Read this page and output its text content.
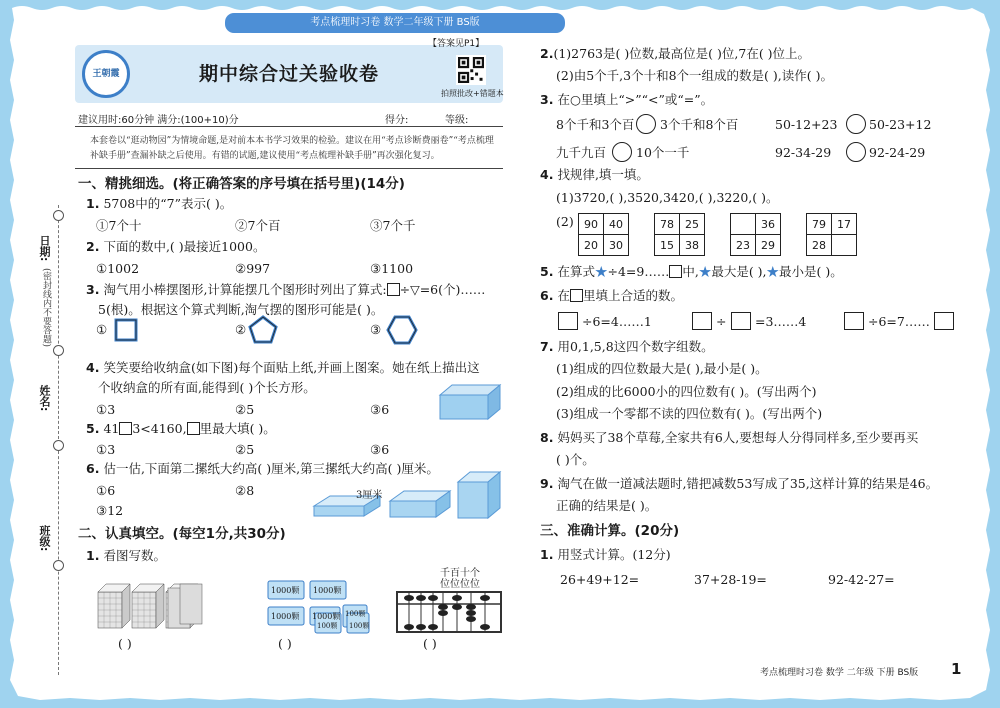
考点梳理时习卷 数学二年级下册 BS版
日期:
(密封线内不要答题)
姓名:
班级:
王朝霞	期中综合过关验收卷
【答案见P1】
拍照批改+错题本
建议用时:60分钟 满分:(100+10)分	得分:	等级:
本套卷以“逛动物园”为情境命题,是对前本本书学习效果的检验。建议在用“考点诊断费丽卷”“考点梳理补缺手册”查漏补缺之后使用。有错的试题,建议使用“考点梳理补缺手册”再次强化复习。
一、精挑细选。(将正确答案的序号填在括号里)(14分)
1. 5708中的“7”表示( )。
①7个十	②7个百	③7个千
2. 下面的数中,( )最接近1000。
①1002	②997	③1100
3. 淘气用小棒摆图形,计算能摆几个图形时列出了算式: ÷▽=6(个)……
5(根)。根据这个算式判断,淘气摆的图形可能是( )。
①	②	③
4. 笑笑要给收纳盒(如下图)每个面贴上纸,并画上图案。她在纸上描出这
个收纳盒的所有面,能得到( )个长方形。
①3	②5	③6
5. 41 3<4160, 里最大填( )。
①3	②5	③6
6. 估一估,下面第二摞纸大约高( )厘米,第三摞纸大约高( )厘米。
①6	②8
③12
3厘米
二、认真填空。(每空1分,共30分)
1. 看图写数。
( )
1000颗 1000颗
1000颗 1000颗
100颗
100颗
100颗
( )
千百十个
位位位位
( )
2.(1)2763是( )位数,最高位是( )位,7在( )位上。
(2)由5个千,3个十和8个一组成的数是( ),读作( )。
3. 在○里填上“>”“<”或“=”。
8个千和3个百 3个千和8个百	50-12+23	50-23+12
九千九百 10个一千	92-34-29	92-24-29
4. 找规律,填一填。
(1)3720,( ),3520,3420,( ),3220,( )。
(2) 90	40
20	30
78	25
15	38
	36
23	29
79	17
28	
5. 在算式★÷4=9…… 中,★最大是( ),★最小是( )。
6. 在 里填上合适的数。
÷6=4……1	÷ =3……4	÷6=7……
7. 用0,1,5,8这四个数字组数。
(1)组成的四位数最大是( ),最小是( )。
(2)组成的比6000小的四位数有( )。(写出两个)
(3)组成一个零都不读的四位数有( )。(写出两个)
8. 妈妈买了38个草莓,全家共有6人,要想每人分得同样多,至少要再买
( )个。
9. 淘气在做一道减法题时,错把减数53写成了35,这样计算的结果是46。
正确的结果是( )。
三、准确计算。(20分)
1. 用竖式计算。(12分)
26+49+12=	37+28-19=	92-42-27=
考点梳理时习卷 数学 二年级 下册 BS版 1
